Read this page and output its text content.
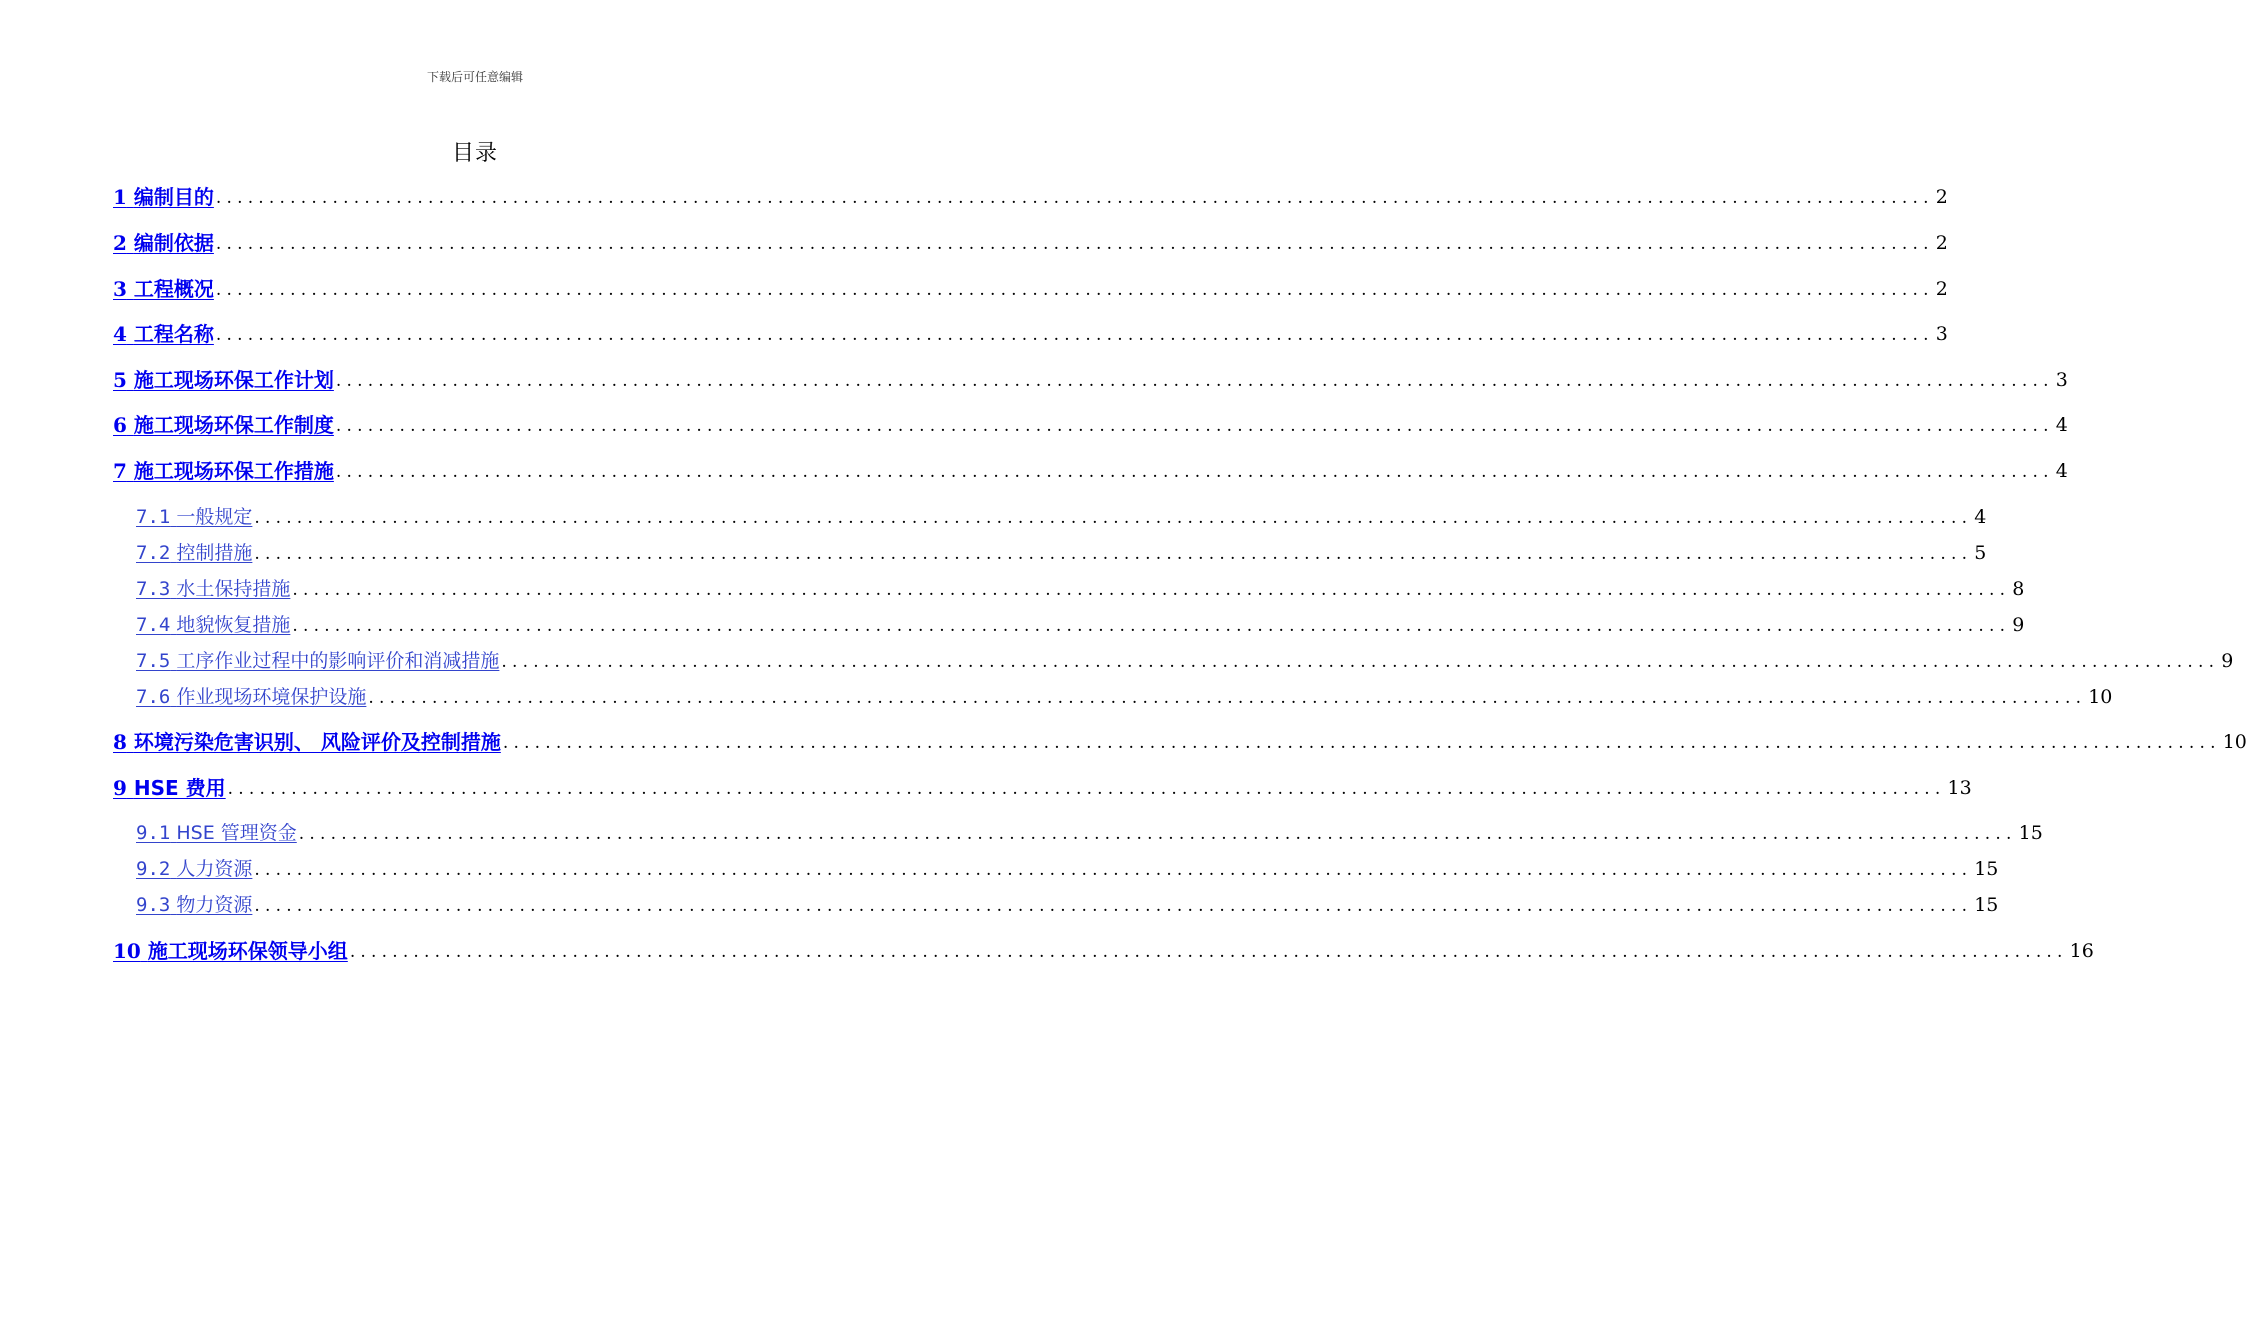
下载后可任意编辑
目录
1 编制目的 .................................................................................................................................................................. 2
2 编制依据 .................................................................................................................................................................. 2
3 工程概况 .................................................................................................................................................................. 2
4 工程名称 .................................................................................................................................................................. 3
5 施工现场环保工作计划 .................................................................................................................................................................. 3
6 施工现场环保工作制度 .................................................................................................................................................................. 4
7 施工现场环保工作措施 .................................................................................................................................................................. 4
7.1 一般规定 .................................................................................................................................................................. 4
7.2 控制措施 .................................................................................................................................................................. 5
7.3 水土保持措施 .................................................................................................................................................................. 8
7.4 地貌恢复措施 .................................................................................................................................................................. 9
7.5 工序作业过程中的影响评价和消减措施 .................................................................................................................................................................. 9
7.6 作业现场环境保护设施 .................................................................................................................................................................. 10
8 环境污染危害识别、 风险评价及控制措施 .................................................................................................................................................................. 10
9 HSE 费用 .................................................................................................................................................................. 13
9.1 HSE 管理资金 .................................................................................................................................................................. 15
9.2 人力资源 .................................................................................................................................................................. 15
9.3 物力资源 .................................................................................................................................................................. 15
10 施工现场环保领导小组 .................................................................................................................................................................. 16
